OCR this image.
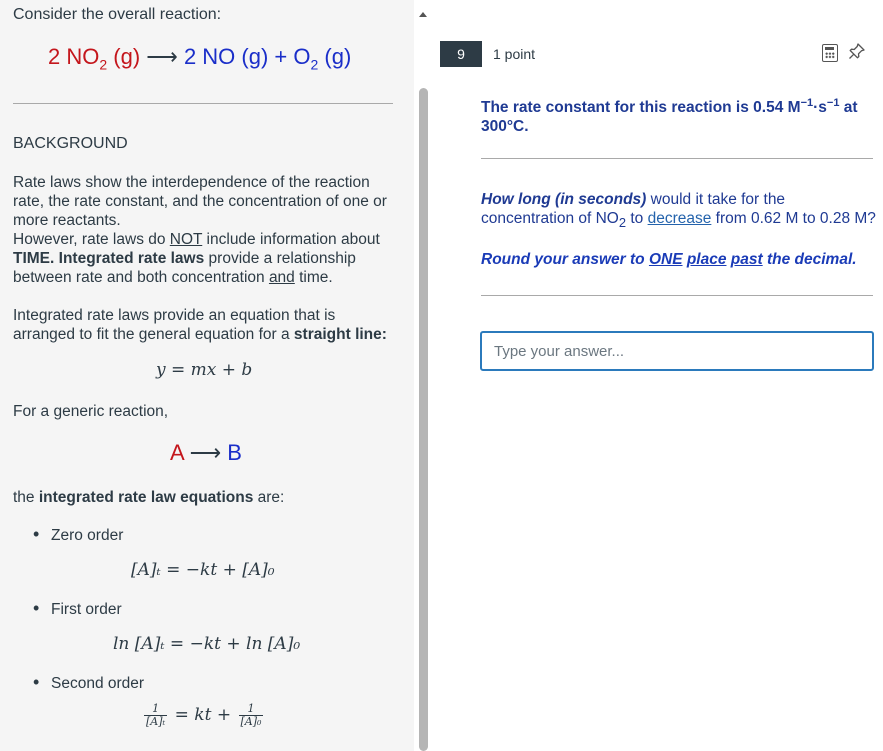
Consider the overall reaction:
2 $NO_2$ (g) ⟶ 2 NO $(g) + O_2$ (g)
BACKGROUND
Rate laws show the interdependence of the reaction rate, the rate constant, and the concentration of one or more reactants.
However, rate laws do NOT include information about TIME. Integrated rate laws provide a relationship between rate and both concentration and time.
Integrated rate laws provide an equation that is arranged to fit the general equation for a straight line:
y = mx + b
For a generic reaction,
A ⟶ B
the integrated rate law equations are:
• Zero order
[A]ₜ = −kt + [A]₀
• First order
ln [A]ₜ = −kt + ln [A]₀
• Second order
$\frac{1}{\text{[A]ₜ}}$ = kt + $\frac{1}{\text{[A]₀}}$
9	1 point
The rate constant for this reaction is 0.54 $M^{-1}\cdot s^{-1}$ at 300°C.
How long (in seconds) would it take for the concentration of $NO_2$ to decrease from 0.62 M to 0.28 M?
Round your answer to ONE place past the decimal.
Type your answer...
